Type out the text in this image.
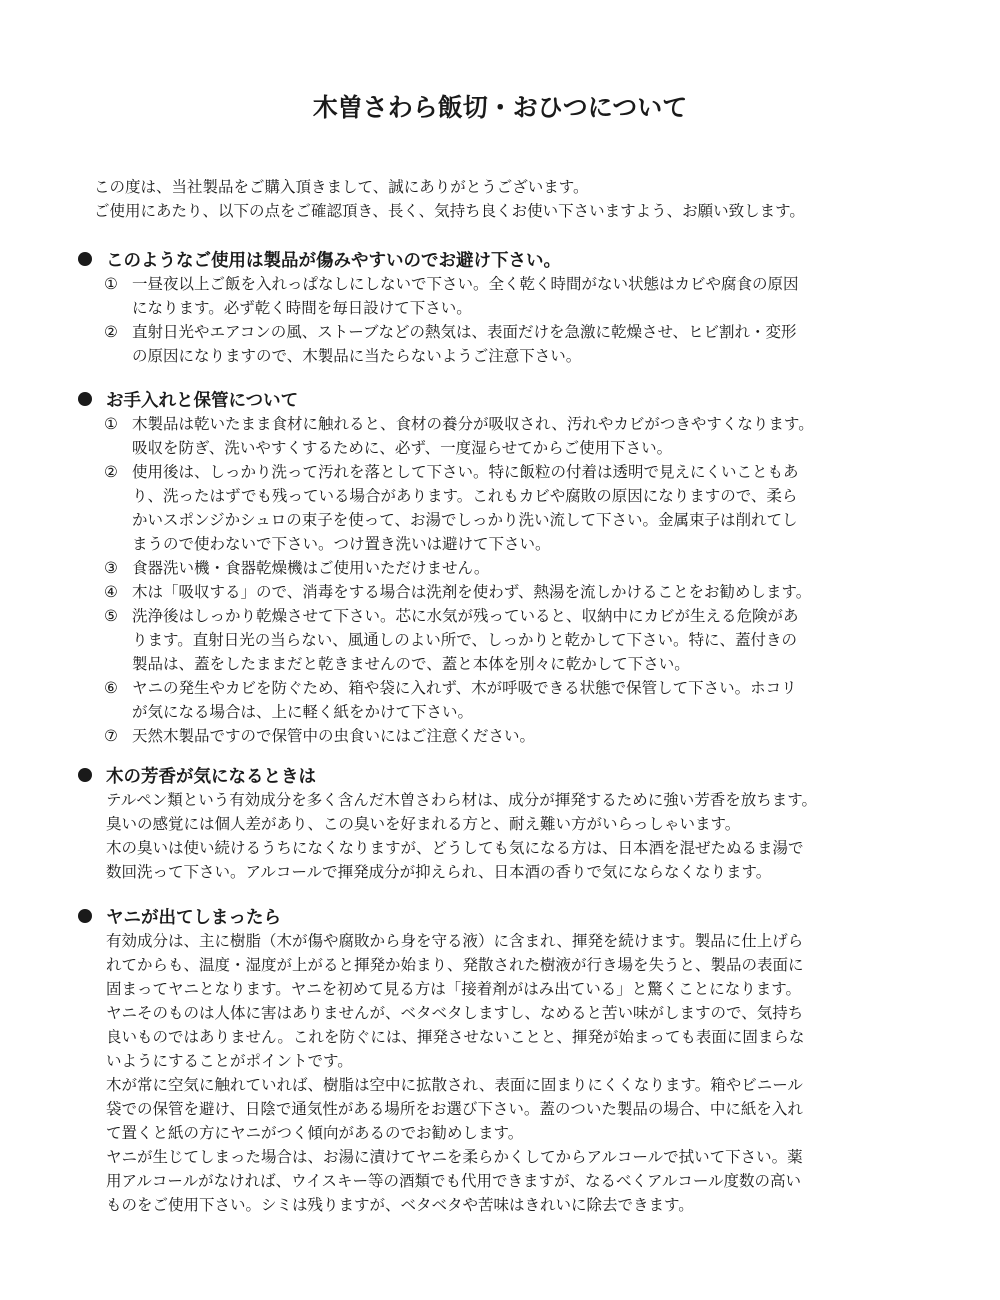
木曽さわら飯切・おひつについて

この度は、当社製品をご購入頂きまして、誠にありがとうございます。

ご使用にあたり、以下の点をご確認頂き、長く、気持ち良くお使い下さいますよう、お願い致します。

このようなご使用は製品が傷みやすいのでお避け下さい。
① 一昼夜以上ご飯を入れっぱなしにしないで下さい。全く乾く時間がない状態はカビや腐食の原因
になります。必ず乾く時間を毎日設けて下さい。
② 直射日光やエアコンの風、ストーブなどの熱気は、表面だけを急激に乾燥させ、ヒビ割れ・変形
の原因になりますので、木製品に当たらないようご注意下さい。
お手入れと保管について
① 木製品は乾いたまま食材に触れると、食材の養分が吸収され、汚れやカビがつきやすくなります。
吸収を防ぎ、洗いやすくするために、必ず、一度湿らせてからご使用下さい。
② 使用後は、しっかり洗って汚れを落として下さい。特に飯粒の付着は透明で見えにくいこともあ
り、洗ったはずでも残っている場合があります。これもカビや腐敗の原因になりますので、柔ら
かいスポンジかシュロの束子を使って、お湯でしっかり洗い流して下さい。金属束子は削れてし
まうので使わないで下さい。つけ置き洗いは避けて下さい。
③ 食器洗い機・食器乾燥機はご使用いただけません。
④ 木は「吸収する」ので、消毒をする場合は洗剤を使わず、熱湯を流しかけることをお勧めします。
⑤ 洗浄後はしっかり乾燥させて下さい。芯に水気が残っていると、収納中にカビが生える危険があ
ります。直射日光の当らない、風通しのよい所で、しっかりと乾かして下さい。特に、蓋付きの
製品は、蓋をしたままだと乾きませんので、蓋と本体を別々に乾かして下さい。
⑥ ヤニの発生やカビを防ぐため、箱や袋に入れず、木が呼吸できる状態で保管して下さい。ホコリ
が気になる場合は、上に軽く紙をかけて下さい。
⑦ 天然木製品ですので保管中の虫食いにはご注意ください。
木の芳香が気になるときは
テルペン類という有効成分を多く含んだ木曽さわら材は、成分が揮発するために強い芳香を放ちます。
臭いの感覚には個人差があり、この臭いを好まれる方と、耐え難い方がいらっしゃいます。
木の臭いは使い続けるうちになくなりますが、どうしても気になる方は、日本酒を混ぜたぬるま湯で
数回洗って下さい。アルコールで揮発成分が抑えられ、日本酒の香りで気にならなくなります。
ヤニが出てしまったら
有効成分は、主に樹脂（木が傷や腐敗から身を守る液）に含まれ、揮発を続けます。製品に仕上げら
れてからも、温度・湿度が上がると揮発か始まり、発散された樹液が行き場を失うと、製品の表面に
固まってヤニとなります。ヤニを初めて見る方は「接着剤がはみ出ている」と驚くことになります。
ヤニそのものは人体に害はありませんが、ベタベタしますし、なめると苦い味がしますので、気持ち
良いものではありません。これを防ぐには、揮発させないことと、揮発が始まっても表面に固まらな
いようにすることがポイントです。
木が常に空気に触れていれば、樹脂は空中に拡散され、表面に固まりにくくなります。箱やビニール
袋での保管を避け、日陰で通気性がある場所をお選び下さい。蓋のついた製品の場合、中に紙を入れ
て置くと紙の方にヤニがつく傾向があるのでお勧めします。
ヤニが生じてしまった場合は、お湯に漬けてヤニを柔らかくしてからアルコールで拭いて下さい。薬
用アルコールがなければ、ウイスキー等の酒類でも代用できますが、なるべくアルコール度数の高い
ものをご使用下さい。シミは残りますが、ベタベタや苦味はきれいに除去できます。
